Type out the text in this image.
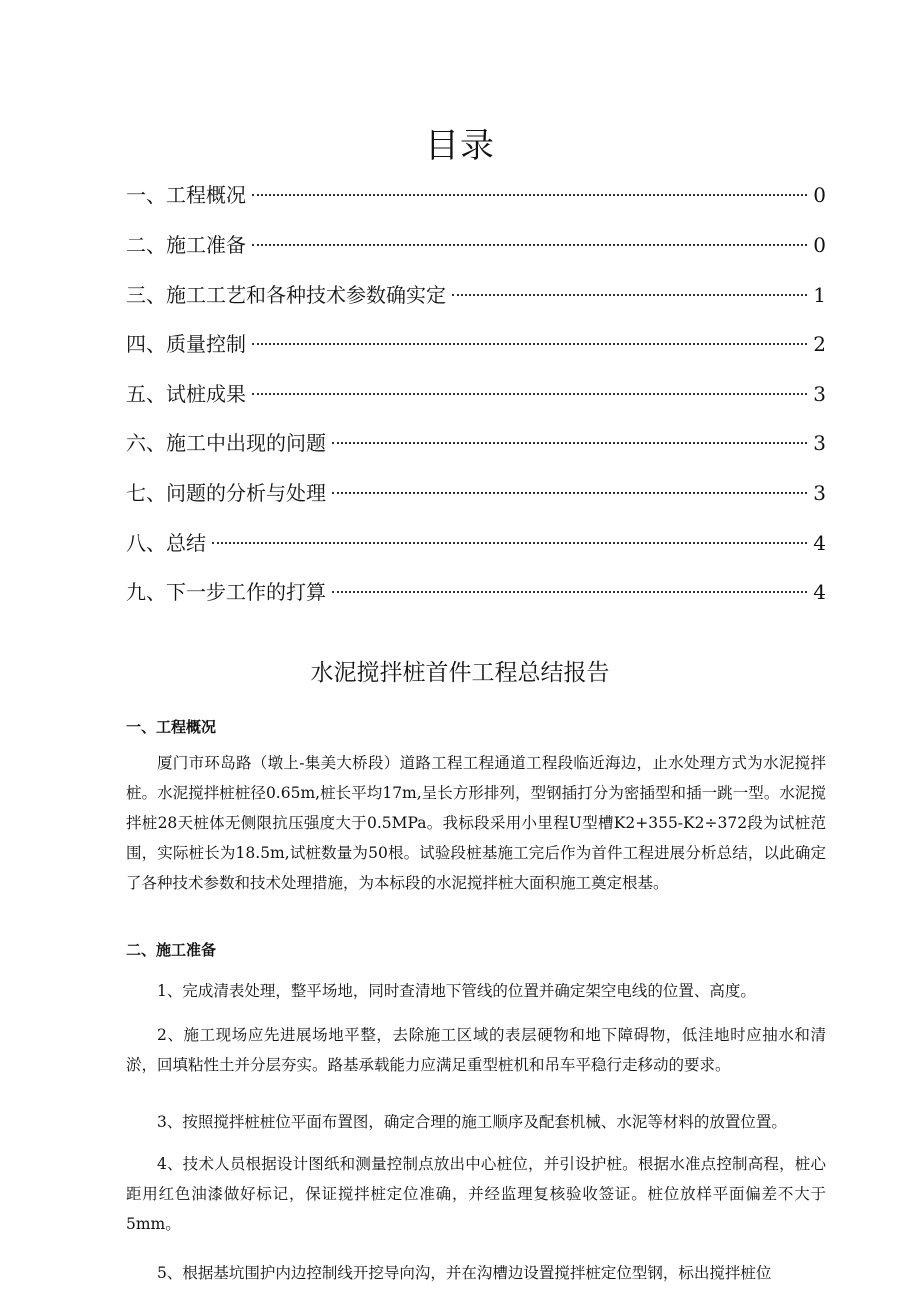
目录
一、工程概况	0
二、施工准备	0
三、施工工艺和各种技术参数确实定	1
四、质量控制	2
五、试桩成果	3
六、施工中出现的问题	3
七、问题的分析与处理	3
八、总结	4
九、下一步工作的打算	4
水泥搅拌桩首件工程总结报告
一、工程概况
厦门市环岛路（墩上-集美大桥段）道路工程工程通道工程段临近海边，止水处理方式为水泥搅拌桩。水泥搅拌桩桩径0.65m,桩长平均17m,呈长方形排列，型钢插打分为密插型和插一跳一型。水泥搅拌桩28天桩体无侧限抗压强度大于0.5MPa。我标段采用小里程U型槽K2+355-K2÷372段为试桩范围，实际桩长为18.5m,试桩数量为50根。试验段桩基施工完后作为首件工程进展分析总结，以此确定了各种技术参数和技术处理措施，为本标段的水泥搅拌桩大面积施工奠定根基。
二、施工准备
1、完成清表处理，整平场地，同时查清地下管线的位置并确定架空电线的位置、高度。
2、施工现场应先进展场地平整，去除施工区域的表层硬物和地下障碍物，低洼地时应抽水和清淤，回填粘性土并分层夯实。路基承载能力应满足重型桩机和吊车平稳行走移动的要求。
3、按照搅拌桩桩位平面布置图，确定合理的施工顺序及配套机械、水泥等材料的放置位置。
4、技术人员根据设计图纸和测量控制点放出中心桩位，并引设护桩。根据水准点控制高程，桩心距用红色油漆做好标记，保证搅拌桩定位准确，并经监理复核验收签证。桩位放样平面偏差不大于5mm。
5、根据基坑围护内边控制线开挖导向沟，并在沟槽边设置搅拌桩定位型钢，标出搅拌桩位
